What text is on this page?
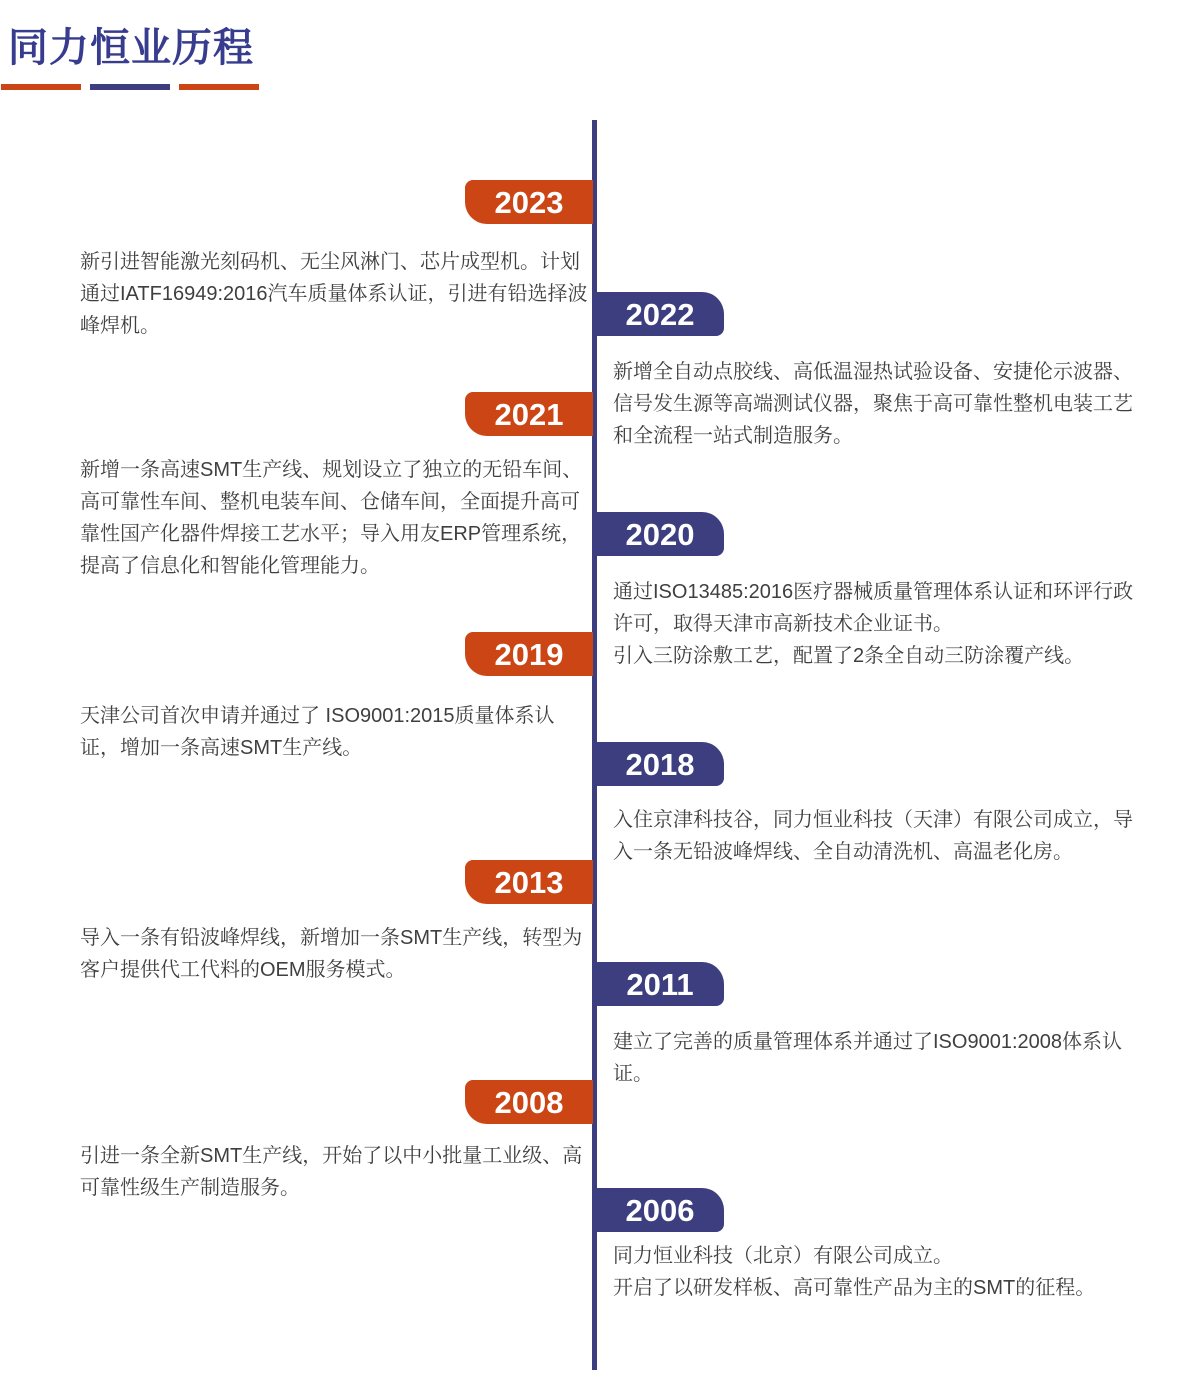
同力恒业历程
2023

新引进智能激光刻码机、无尘风淋门、芯片成型机。计划通过IATF16949:2016汽车质量体系认证，引进有铅选择波峰焊机。	2022

新增全自动点胶线、高低温湿热试验设备、安捷伦示波器、信号发生源等高端测试仪器，聚焦于高可靠性整机电装工艺和全流程一站式制造服务。

2021

新增一条高速SMT生产线、规划设立了独立的无铅车间、高可靠性车间、整机电装车间、仓储车间，全面提升高可靠性国产化器件焊接工艺水平；导入用友ERP管理系统，提高了信息化和智能化管理能力。

2020

通过ISO13485:2016医疗器械质量管理体系认证和环评行政许可，取得天津市高新技术企业证书。

引入三防涂敷工艺，配置了2条全自动三防涂覆产线。

2019

天津公司首次申请并通过了 ISO9001:2015质量体系认证，增加一条高速SMT生产线。	2018

入住京津科技谷，同力恒业科技（天津）有限公司成立，导入一条无铅波峰焊线、全自动清洗机、高温老化房。

2013

导入一条有铅波峰焊线，新增加一条SMT生产线，转型为客户提供代工代料的OEM服务模式。	2011

建立了完善的质量管理体系并通过了ISO9001:2008体系认证。

2008

引进一条全新SMT生产线，开始了以中小批量工业级、高可靠性级生产制造服务。

2006

同力恒业科技（北京）有限公司成立。

开启了以研发样板、高可靠性产品为主的SMT的征程。
